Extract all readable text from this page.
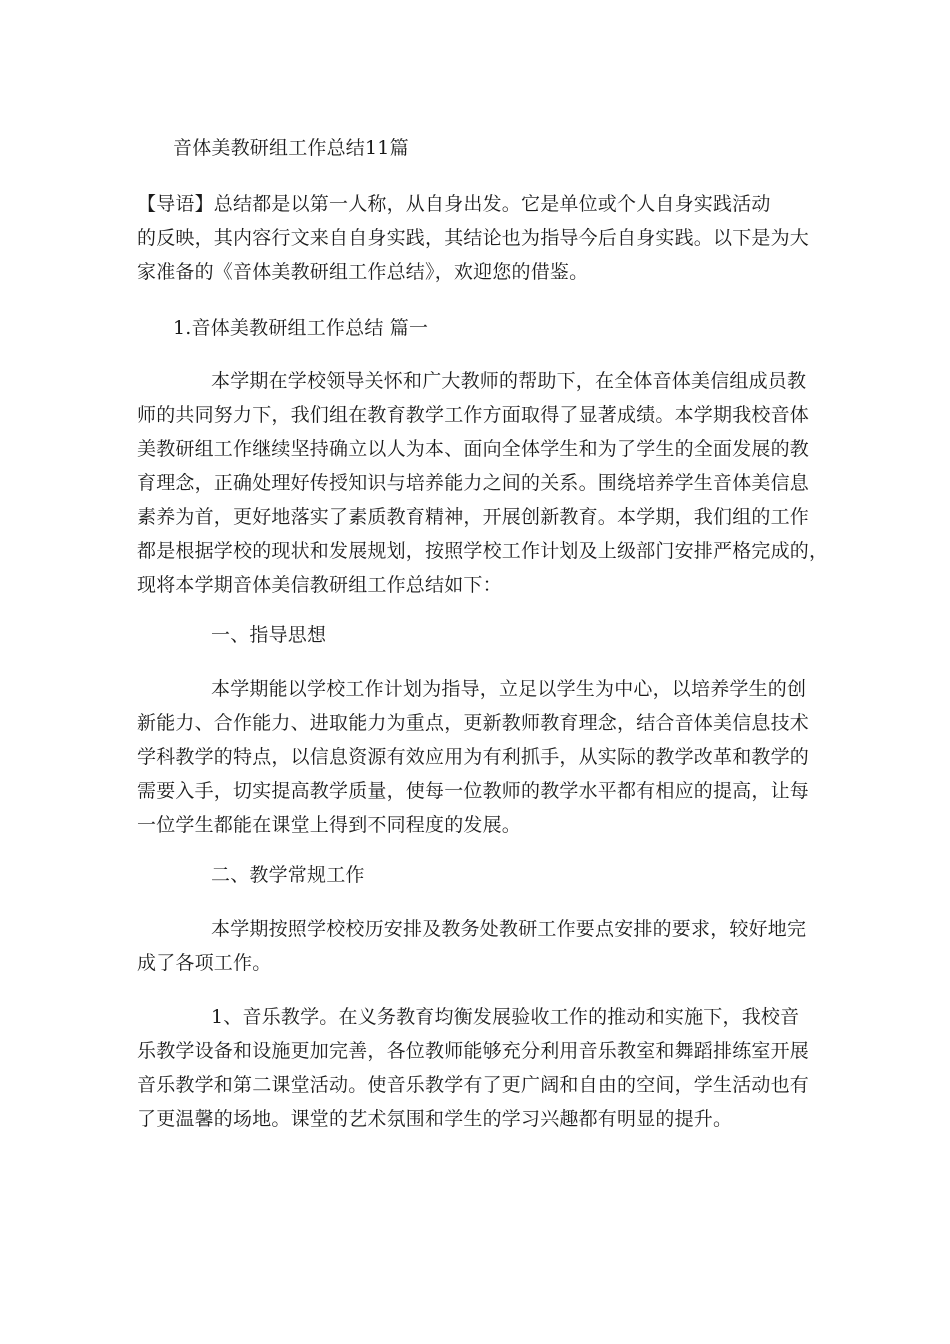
音体美教研组工作总结11篇
【导语】总结都是以第一人称，从自身出发。它是单位或个人自身实践活动
的反映，其内容行文来自自身实践，其结论也为指导今后自身实践。以下是为大
家准备的《音体美教研组工作总结》，欢迎您的借鉴。
1.音体美教研组工作总结 篇一
本学期在学校领导关怀和广大教师的帮助下，在全体音体美信组成员教
师的共同努力下，我们组在教育教学工作方面取得了显著成绩。本学期我校音体
美教研组工作继续坚持确立以人为本、面向全体学生和为了学生的全面发展的教
育理念，正确处理好传授知识与培养能力之间的关系。围绕培养学生音体美信息
素养为首，更好地落实了素质教育精神，开展创新教育。本学期，我们组的工作
都是根据学校的现状和发展规划，按照学校工作计划及上级部门安排严格完成的，
现将本学期音体美信教研组工作总结如下：
一、指导思想
本学期能以学校工作计划为指导，立足以学生为中心，以培养学生的创
新能力、合作能力、进取能力为重点，更新教师教育理念，结合音体美信息技术
学科教学的特点，以信息资源有效应用为有利抓手，从实际的教学改革和教学的
需要入手，切实提高教学质量，使每一位教师的教学水平都有相应的提高，让每
一位学生都能在课堂上得到不同程度的发展。
二、教学常规工作
本学期按照学校校历安排及教务处教研工作要点安排的要求，较好地完
成了各项工作。
1、音乐教学。在义务教育均衡发展验收工作的推动和实施下，我校音
乐教学设备和设施更加完善，各位教师能够充分利用音乐教室和舞蹈排练室开展
音乐教学和第二课堂活动。使音乐教学有了更广阔和自由的空间，学生活动也有
了更温馨的场地。课堂的艺术氛围和学生的学习兴趣都有明显的提升。
